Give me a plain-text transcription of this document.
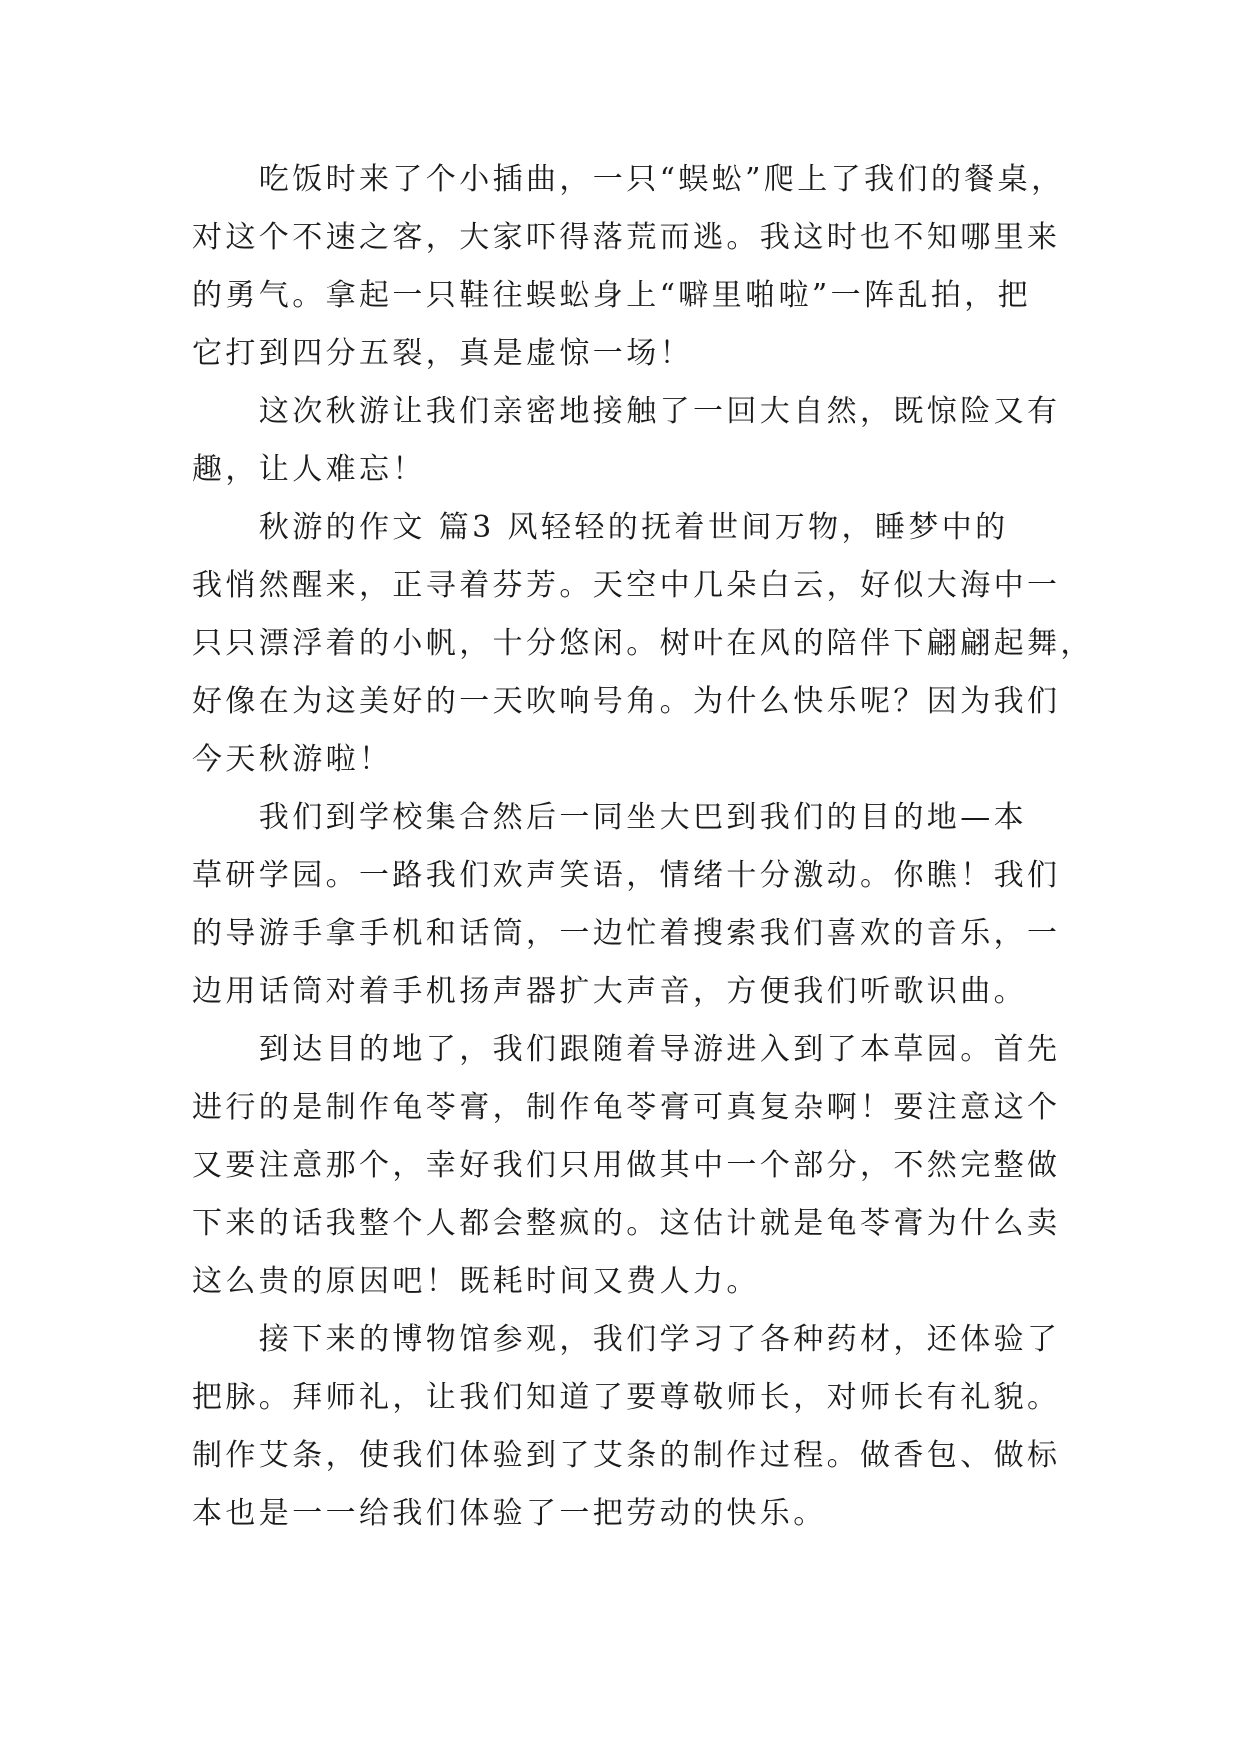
　　吃饭时来了个小插曲，一只“蜈蚣”爬上了我们的餐桌，
对这个不速之客，大家吓得落荒而逃。我这时也不知哪里来
的勇气。拿起一只鞋往蜈蚣身上“噼里啪啦”一阵乱拍，把
它打到四分五裂，真是虚惊一场！
　　这次秋游让我们亲密地接触了一回大自然，既惊险又有
趣，让人难忘！
　　秋游的作文 篇3 风轻轻的抚着世间万物，睡梦中的
我悄然醒来，正寻着芬芳。天空中几朵白云，好似大海中一
只只漂浮着的小帆，十分悠闲。树叶在风的陪伴下翩翩起舞，
好像在为这美好的一天吹响号角。为什么快乐呢？因为我们
今天秋游啦！
　　我们到学校集合然后一同坐大巴到我们的目的地—本
草研学园。一路我们欢声笑语，情绪十分激动。你瞧！我们
的导游手拿手机和话筒，一边忙着搜索我们喜欢的音乐，一
边用话筒对着手机扬声器扩大声音，方便我们听歌识曲。
　　到达目的地了，我们跟随着导游进入到了本草园。首先
进行的是制作龟苓膏，制作龟苓膏可真复杂啊！要注意这个
又要注意那个，幸好我们只用做其中一个部分，不然完整做
下来的话我整个人都会整疯的。这估计就是龟苓膏为什么卖
这么贵的原因吧！既耗时间又费人力。
　　接下来的博物馆参观，我们学习了各种药材，还体验了
把脉。拜师礼，让我们知道了要尊敬师长，对师长有礼貌。
制作艾条，使我们体验到了艾条的制作过程。做香包、做标
本也是一一给我们体验了一把劳动的快乐。
